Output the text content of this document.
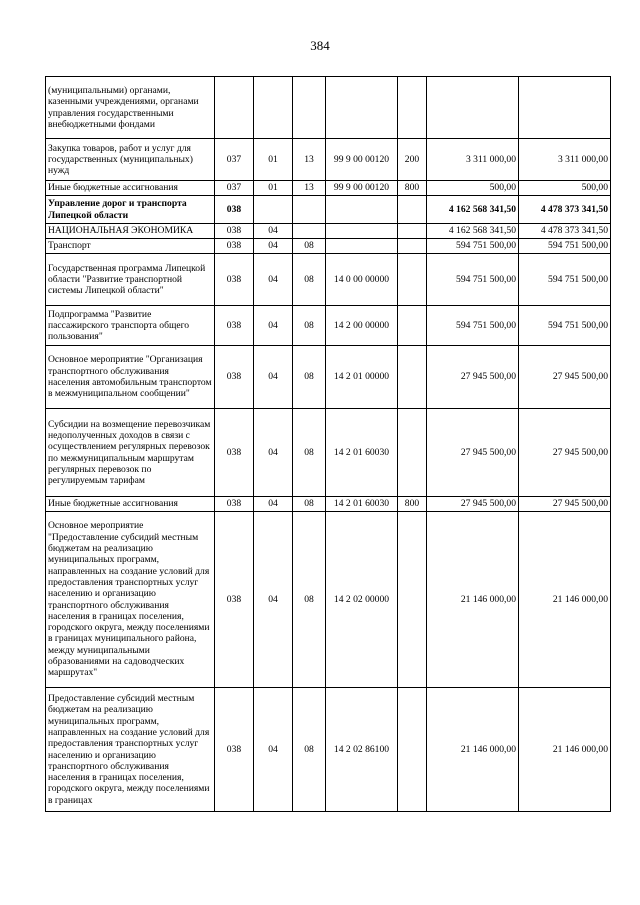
384
(муниципальными) органами, казенными учреждениями, органами управления государственными внебюджетными фондами							
Закупка товаров, работ и услуг для государственных (муниципальных) нужд	037	01	13	99 9 00 00120	200	3 311 000,00	3 311 000,00
Иные бюджетные ассигнования	037	01	13	99 9 00 00120	800	500,00	500,00
Управление дорог и транспорта Липецкой области	038					4 162 568 341,50	4 478 373 341,50
НАЦИОНАЛЬНАЯ ЭКОНОМИКА	038	04				4 162 568 341,50	4 478 373 341,50
Транспорт	038	04	08			594 751 500,00	594 751 500,00
Государственная программа Липецкой области "Развитие транспортной системы Липецкой области"	038	04	08	14 0 00 00000		594 751 500,00	594 751 500,00
Подпрограмма "Развитие пассажирского транспорта общего пользования"	038	04	08	14 2 00 00000		594 751 500,00	594 751 500,00
Основное мероприятие "Организация транспортного обслуживания населения автомобильным транспортом в межмуниципальном сообщении"	038	04	08	14 2 01 00000		27 945 500,00	27 945 500,00
Субсидии на возмещение перевозчикам недополученных доходов в связи с осуществлением регулярных перевозок по межмуниципальным маршрутам регулярных перевозок по регулируемым тарифам	038	04	08	14 2 01 60030		27 945 500,00	27 945 500,00
Иные бюджетные ассигнования	038	04	08	14 2 01 60030	800	27 945 500,00	27 945 500,00
Основное мероприятие "Предоставление субсидий местным бюджетам на реализацию муниципальных программ, направленных на создание условий для предоставления транспортных услуг населению и организацию транспортного обслуживания населения в границах поселения, городского округа, между поселениями в границах муниципального района, между муниципальными образованиями на садоводческих маршрутах"	038	04	08	14 2 02 00000		21 146 000,00	21 146 000,00
Предоставление субсидий местным бюджетам на реализацию муниципальных программ, направленных на создание условий для предоставления транспортных услуг населению и организацию транспортного обслуживания населения в границах поселения, городского округа, между поселениями в границах	038	04	08	14 2 02 86100		21 146 000,00	21 146 000,00
